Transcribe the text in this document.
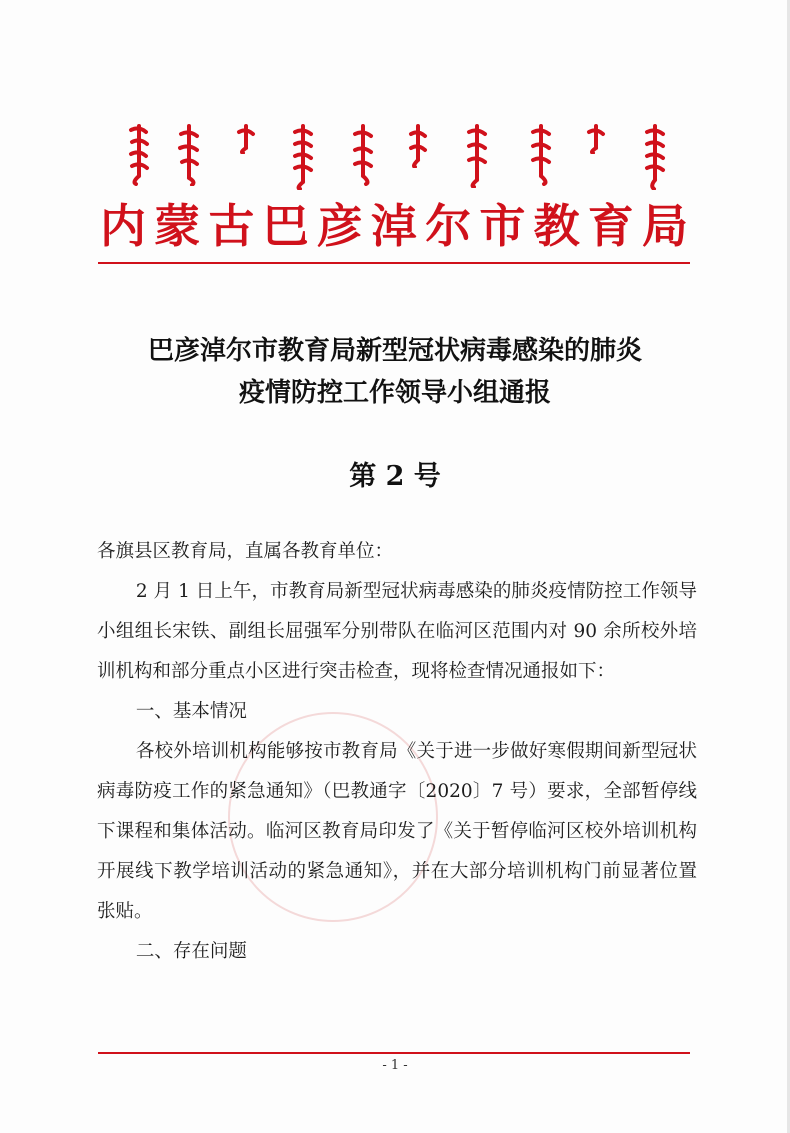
内蒙古巴彦淖尔市教育局
巴彦淖尔市教育局新型冠状病毒感染的肺炎
疫情防控工作领导小组通报
第 2 号

各旗县区教育局，直属各教育单位：

2 月 1 日上午，市教育局新型冠状病毒感染的肺炎疫情防控工作领导小组组长宋铁、副组长屈强军分别带队在临河区范围内对 90 余所校外培训机构和部分重点小区进行突击检查，现将检查情况通报如下：

一、基本情况

各校外培训机构能够按市教育局《关于进一步做好寒假期间新型冠状病毒防疫工作的紧急通知》（巴教通字〔2020〕7 号）要求，全部暂停线下课程和集体活动。临河区教育局印发了《关于暂停临河区校外培训机构开展线下教学培训活动的紧急通知》，并在大部分培训机构门前显著位置张贴。

二、存在问题

- 1 -
